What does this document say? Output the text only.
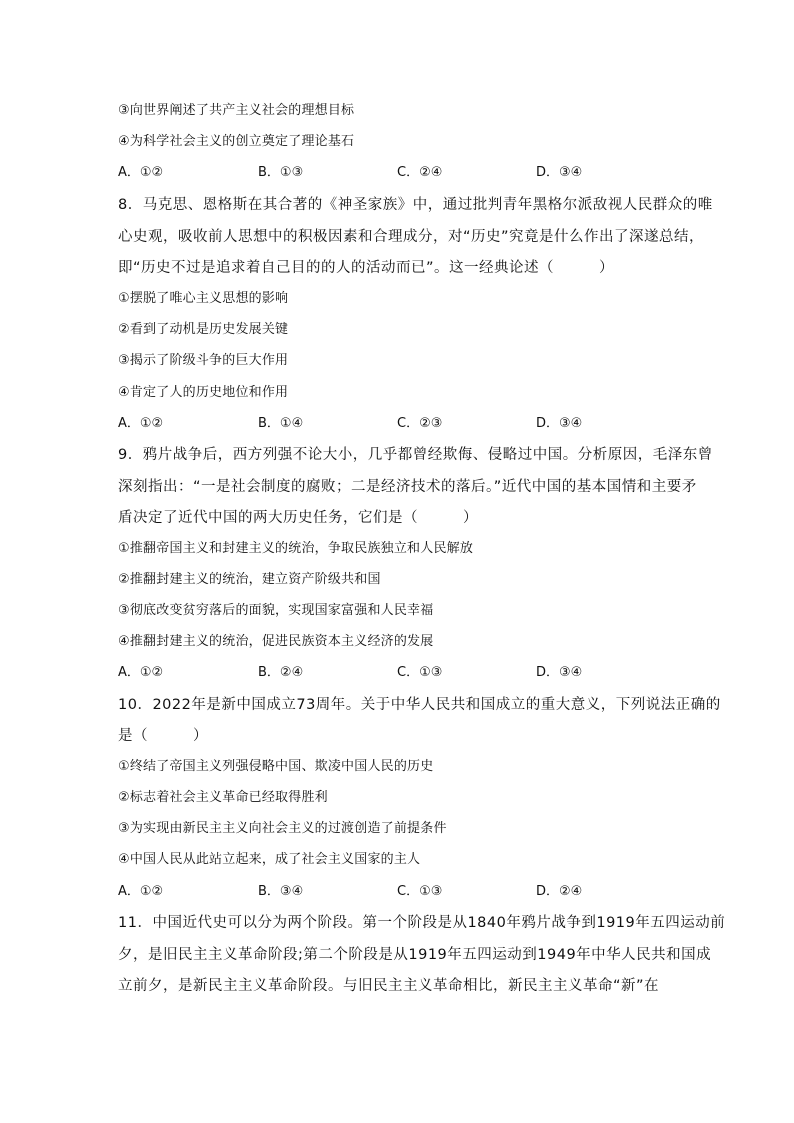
③向世界阐述了共产主义社会的理想目标
④为科学社会主义的创立奠定了理论基石
A．①②	B．①③	C．②④	D．③④
8．马克思、恩格斯在其合著的《神圣家族》中，通过批判青年黑格尔派敌视人民群众的唯
心史观，吸收前人思想中的积极因素和合理成分，对“历史”究竟是什么作出了深遂总结，
即“历史不过是追求着自己目的的人的活动而已”。这一经典论述（　　　）
①摆脱了唯心主义思想的影响
②看到了动机是历史发展关键
③揭示了阶级斗争的巨大作用
④肯定了人的历史地位和作用
A．①②	B．①④	C．②③	D．③④
9．鸦片战争后，西方列强不论大小，几乎都曾经欺侮、侵略过中国。分析原因，毛泽东曾
深刻指出：“一是社会制度的腐败；二是经济技术的落后。”近代中国的基本国情和主要矛
盾决定了近代中国的两大历史任务，它们是（　　　）
①推翻帝国主义和封建主义的统治，争取民族独立和人民解放
②推翻封建主义的统治，建立资产阶级共和国
③彻底改变贫穷落后的面貌，实现国家富强和人民幸福
④推翻封建主义的统治，促进民族资本主义经济的发展
A．①②	B．②④	C．①③	D．③④
10．2022年是新中国成立73周年。关于中华人民共和国成立的重大意义，下列说法正确的
是（　　　）
①终结了帝国主义列强侵略中国、欺凌中国人民的历史
②标志着社会主义革命已经取得胜利
③为实现由新民主主义向社会主义的过渡创造了前提条件
④中国人民从此站立起来，成了社会主义国家的主人
A．①②	B．③④	C．①③	D．②④
11．中国近代史可以分为两个阶段。第一个阶段是从1840年鸦片战争到1919年五四运动前
夕，是旧民主主义革命阶段;第二个阶段是从1919年五四运动到1949年中华人民共和国成
立前夕，是新民主主义革命阶段。与旧民主主义革命相比，新民主主义革命“新”在
